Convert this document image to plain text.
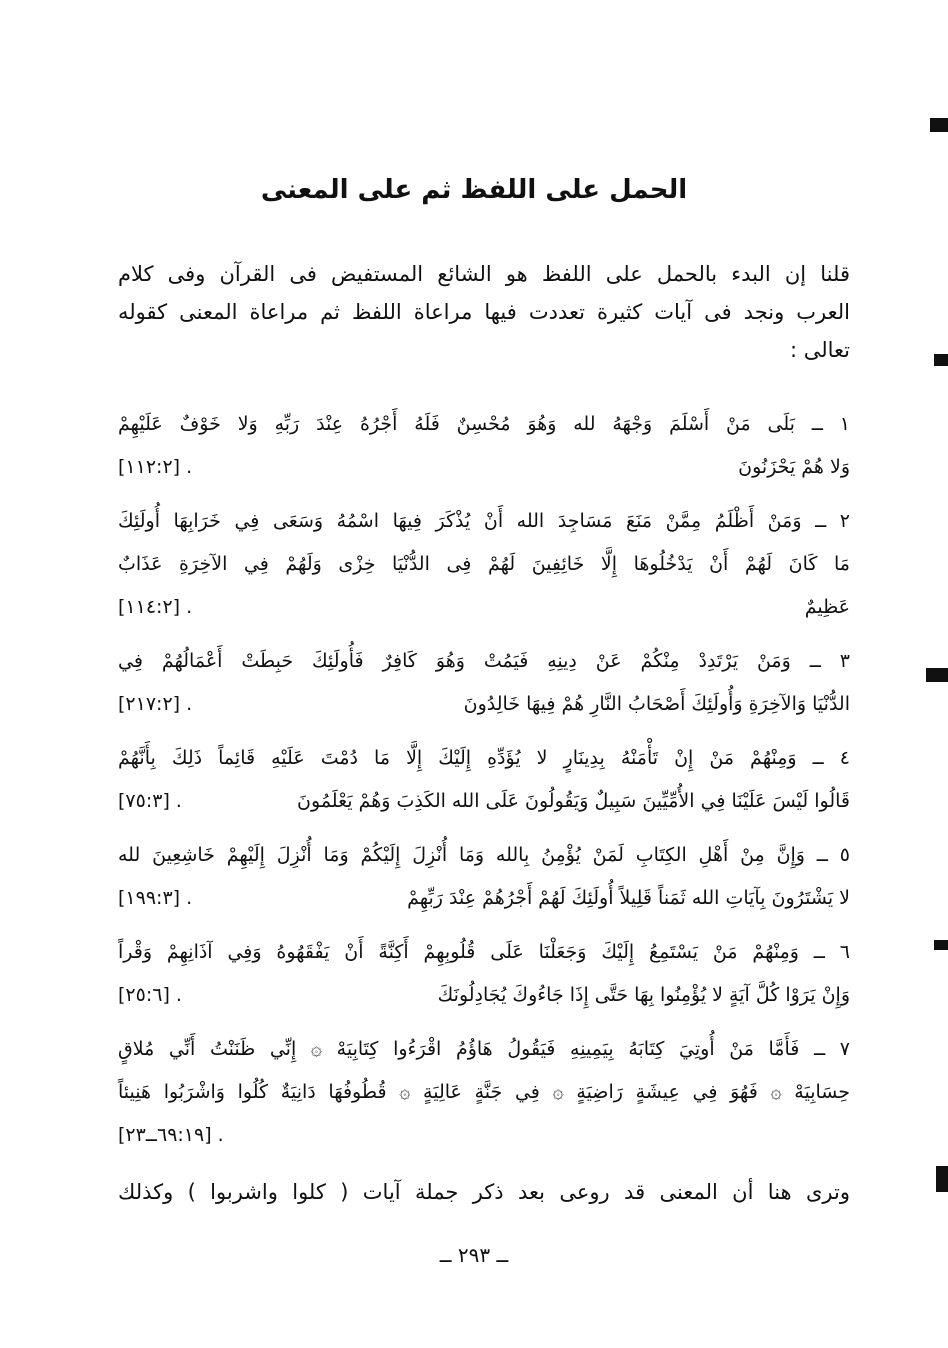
الحمل على اللفظ ثم على المعنى
قلنا إن البدء بالحمل على اللفظ هو الشائع المستفيض فى القرآن وفى كلام
العرب ونجد فى آيات كثيرة تعددت فيها مراعاة اللفظ ثم مراعاة المعنى كقوله
تعالى :
١ ــ بَلَى مَنْ أَسْلَمَ وَجْهَهُ لله وَهُوَ مُحْسِنٌ فَلَهُ أَجْرُهُ عِنْدَ رَبِّهِ وَلا خَوْفٌ عَلَيْهِمْ
وَلا هُمْ يَحْزَنُونَ
[١١٢:٢] .
٢ ــ وَمَنْ أَظْلَمُ مِمَّنْ مَنَعَ مَسَاجِدَ الله أَنْ يُذْكَرَ فِيهَا اسْمُهُ وَسَعَى فِي خَرَابِهَا أُولَئِكَ
مَا كَانَ لَهُمْ أَنْ يَدْخُلُوهَا إِلَّا خَائِفِينَ لَهُمْ فِى الدُّنْيَا خِزْى وَلَهُمْ فِي الآخِرَةِ عَذَابٌ
عَظِيمٌ
[١١٤:٢] .
٣ ــ وَمَنْ يَرْتَدِدْ مِنْكُمْ عَنْ دِينِهِ فَيَمُتْ وَهُوَ كَافِرٌ فَأُولَئِكَ حَبِطَتْ أَعْمَالُهُمْ فِي
الدُّنْيَا وَالآخِرَةِ وَأُولَئِكَ أَصْحَابُ النَّارِ هُمْ فِيهَا خَالِدُونَ
[٢١٧:٢] .
٤ ــ وَمِنْهُمْ مَنْ إِنْ تَأْمَنْهُ بِدِينَارٍ لا يُؤَدِّهِ إِلَيْكَ إِلَّا مَا دُمْتَ عَلَيْهِ قَائِماً ذَلِكَ بِأَنَّهُمْ
قَالُوا لَيْسَ عَلَيْنَا فِي الأُمِّيِّينَ سَبِيلٌ وَيَقُولُونَ عَلَى الله الكَذِبَ وَهُمْ يَعْلَمُونَ
[٧٥:٣] .
٥ ــ وَإِنَّ مِنْ أَهْلِ الكِتَابِ لَمَنْ يُؤْمِنُ بِالله وَمَا أُنْزِلَ إِلَيْكُمْ وَمَا أُنْزِلَ إِلَيْهِمْ خَاشِعِينَ لله
لا يَشْتَرُونَ بِآيَاتِ الله ثَمَناً قَلِيلاً أُولَئِكَ لَهُمْ أَجْرُهُمْ عِنْدَ رَبِّهِمْ
[١٩٩:٣] .
٦ ــ وَمِنْهُمْ مَنْ يَسْتَمِعُ إِلَيْكَ وَجَعَلْنَا عَلَى قُلُوبِهِمْ أَكِنَّةً أَنْ يَفْقَهُوهُ وَفِي آذَانِهِمْ وَقْراً
وَإِنْ يَرَوْا كُلَّ آيَةٍ لا يُؤْمِنُوا بِهَا حَتَّى إِذَا جَاءُوكَ يُجَادِلُونَكَ
[٢٥:٦] .
٧ ــ فَأَمَّا مَنْ أُوتِيَ كِتَابَهُ بِيَمِينِهِ فَيَقُولُ هَاؤُمُ اقْرَءُوا كِتَابِيَهْ ۞ إِنِّي ظَنَنْتُ أَنِّي مُلاقٍ
حِسَابِيَهْ ۞ فَهُوَ فِي عِيشَةٍ رَاضِيَةٍ ۞ فِي جَنَّةٍ عَالِيَةٍ ۞ قُطُوفُهَا دَانِيَةٌ كُلُوا وَاشْرَبُوا هَنِيئاً
[٦٩:١٩ــ٢٣] .
وترى هنا أن المعنى قد روعى بعد ذكر جملة آيات ( كلوا واشربوا ) وكذلك
ــ ٢٩٣ ــ
